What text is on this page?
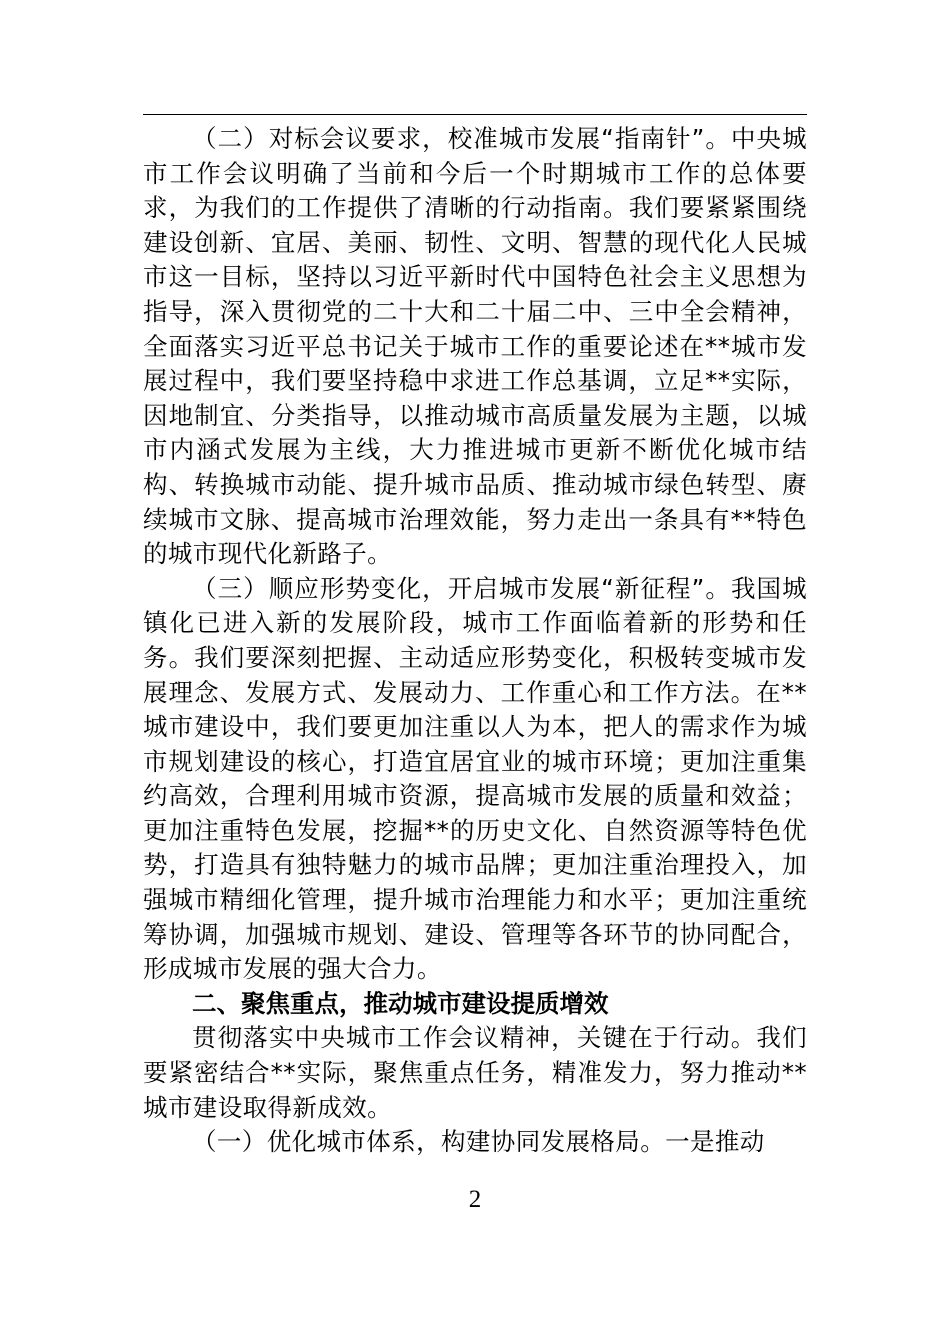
（二）对标会议要求，校准城市发展“指南针”。中央城市工作会议明确了当前和今后一个时期城市工作的总体要求，为我们的工作提供了清晰的行动指南。我们要紧紧围绕建设创新、宜居、美丽、韧性、文明、智慧的现代化人民城市这一目标，坚持以习近平新时代中国特色社会主义思想为指导，深入贯彻党的二十大和二十届二中、三中全会精神，全面落实习近平总书记关于城市工作的重要论述在**城市发展过程中，我们要坚持稳中求进工作总基调，立足**实际，因地制宜、分类指导，以推动城市高质量发展为主题，以城市内涵式发展为主线，大力推进城市更新不断优化城市结构、转换城市动能、提升城市品质、推动城市绿色转型、赓续城市文脉、提高城市治理效能，努力走出一条具有**特色的城市现代化新路子。

（三）顺应形势变化，开启城市发展“新征程”。我国城镇化已进入新的发展阶段，城市工作面临着新的形势和任务。我们要深刻把握、主动适应形势变化，积极转变城市发展理念、发展方式、发展动力、工作重心和工作方法。在**城市建设中，我们要更加注重以人为本，把人的需求作为城市规划建设的核心，打造宜居宜业的城市环境；更加注重集约高效，合理利用城市资源，提高城市发展的质量和效益；更加注重特色发展，挖掘**的历史文化、自然资源等特色优势，打造具有独特魅力的城市品牌；更加注重治理投入，加强城市精细化管理，提升城市治理能力和水平；更加注重统筹协调，加强城市规划、建设、管理等各环节的协同配合，形成城市发展的强大合力。

二、聚焦重点，推动城市建设提质增效

贯彻落实中央城市工作会议精神，关键在于行动。我们要紧密结合**实际，聚焦重点任务，精准发力，努力推动**城市建设取得新成效。

（一）优化城市体系，构建协同发展格局。一是推动

2
